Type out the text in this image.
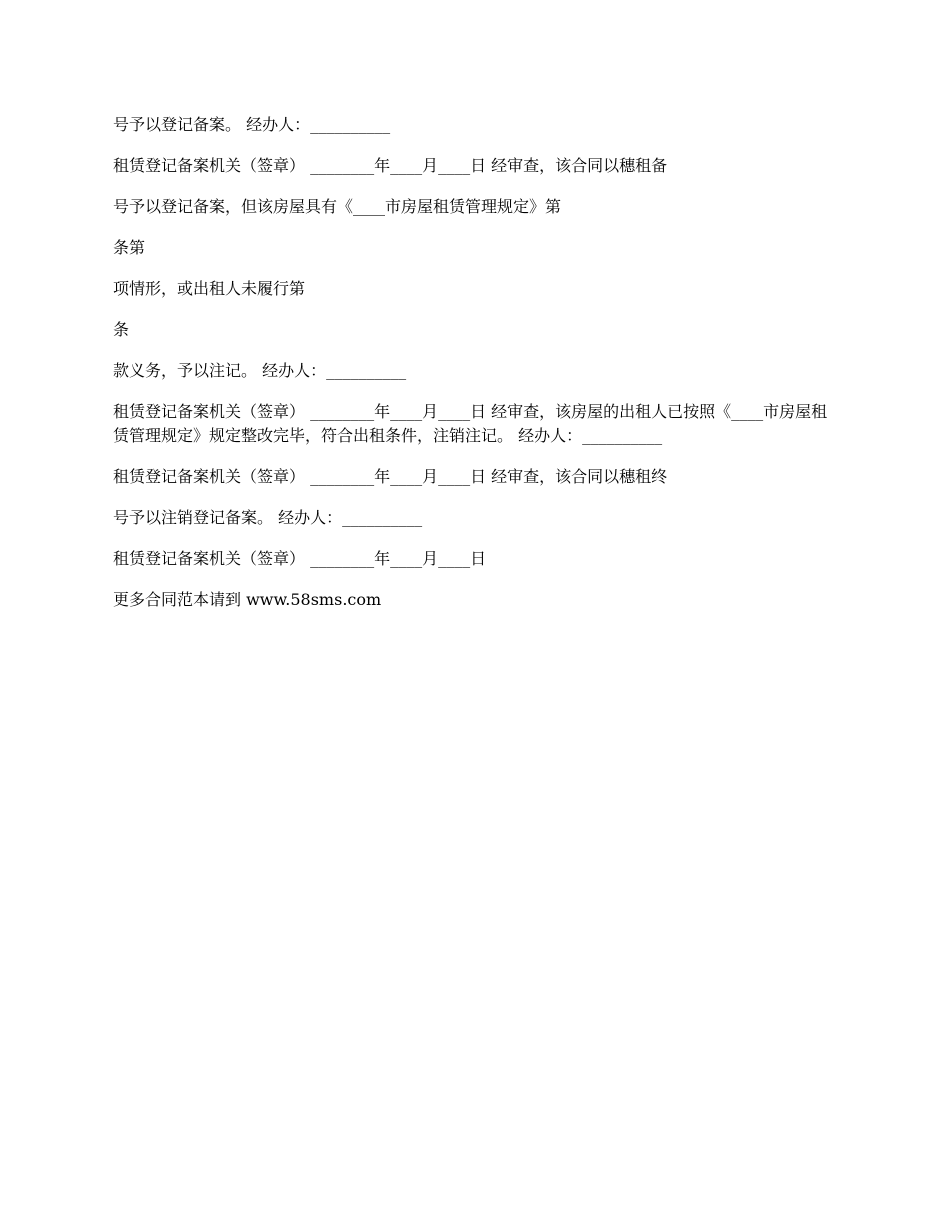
号予以登记备案。 经办人：__________

租赁登记备案机关（签章） ________年____月____日 经审查，该合同以穗租备

号予以登记备案，但该房屋具有《____市房屋租赁管理规定》第

条第

项情形，或出租人未履行第

条

款义务，予以注记。 经办人：__________

租赁登记备案机关（签章） ________年____月____日 经审查，该房屋的出租人已按照《____市房屋租赁管理规定》规定整改完毕，符合出租条件，注销注记。 经办人：__________

租赁登记备案机关（签章） ________年____月____日 经审查，该合同以穗租终

号予以注销登记备案。 经办人：__________

租赁登记备案机关（签章） ________年____月____日

更多合同范本请到 www.58sms.com
